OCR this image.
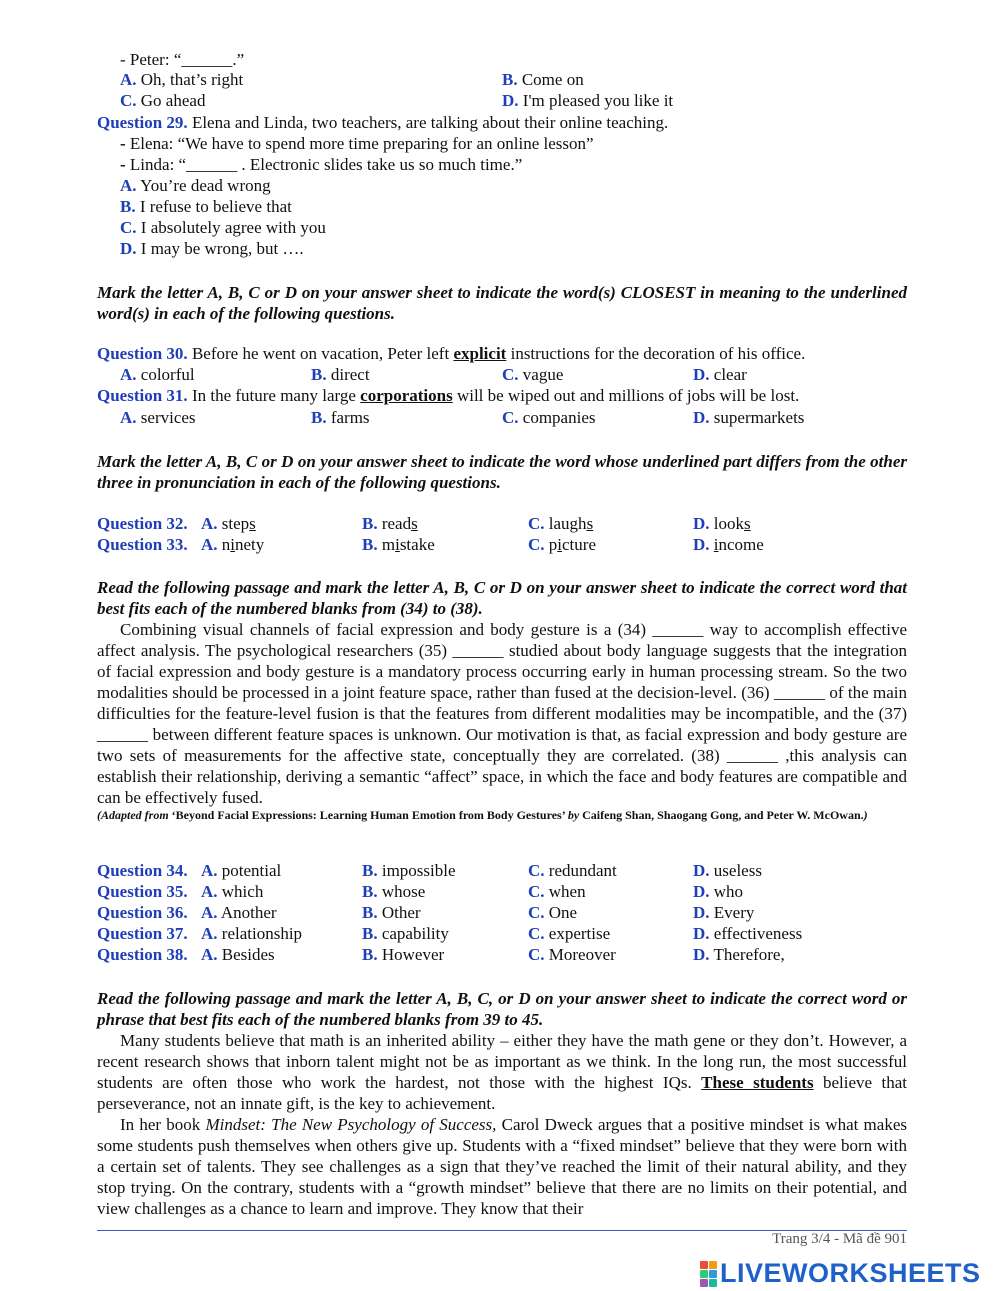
- Peter: “______.”
A. Oh, that’s right	B. Come on
C. Go ahead	D. I'm pleased you like it
Question 29. Elena and Linda, two teachers, are talking about their online teaching.
- Elena: “We have to spend more time preparing for an online lesson”
- Linda: “______ . Electronic slides take us so much time.”
A. You’re dead wrong
B. I refuse to believe that
C. I absolutely agree with you
D. I may be wrong, but ….
Mark the letter A, B, C or D on your answer sheet to indicate the word(s) CLOSEST in meaning to the underlined word(s) in each of the following questions.
Question 30. Before he went on vacation, Peter left explicit instructions for the decoration of his office.
A. colorful	B. direct	C. vague	D. clear
Question 31. In the future many large corporations will be wiped out and millions of jobs will be lost.
A. services	B. farms	C. companies	D. supermarkets
Mark the letter A, B, C or D on your answer sheet to indicate the word whose underlined part differs from the other three in pronunciation in each of the following questions.
Question 32. A. steps	B. reads	C. laughs	D. looks
Question 33. A. ninety	B. mistake	C. picture	D. income
Read the following passage and mark the letter A, B, C or D on your answer sheet to indicate the correct word that best fits each of the numbered blanks from (34) to (38).
Combining visual channels of facial expression and body gesture is a (34) ______ way to accomplish effective affect analysis. The psychological researchers (35) ______ studied about body language suggests that the integration of facial expression and body gesture is a mandatory process occurring early in human processing stream. So the two modalities should be processed in a joint feature space, rather than fused at the decision-level. (36) ______ of the main difficulties for the feature-level fusion is that the features from different modalities may be incompatible, and the (37) ______ between different feature spaces is unknown. Our motivation is that, as facial expression and body gesture are two sets of measurements for the affective state, conceptually they are correlated. (38) ______ ,this analysis can establish their relationship, deriving a semantic “affect” space, in which the face and body features are compatible and can be effectively fused.
(Adapted from ‘Beyond Facial Expressions: Learning Human Emotion from Body Gestures’ by Caifeng Shan, Shaogang Gong, and Peter W. McOwan.)
Question 34. A. potential	B. impossible	C. redundant	D. useless
Question 35. A. which	B. whose	C. when	D. who
Question 36. A. Another	B. Other	C. One	D. Every
Question 37. A. relationship	B. capability	C. expertise	D. effectiveness
Question 38. A. Besides	B. However	C. Moreover	D. Therefore,
Read the following passage and mark the letter A, B, C, or D on your answer sheet to indicate the correct word or phrase that best fits each of the numbered blanks from 39 to 45.
Many students believe that math is an inherited ability – either they have the math gene or they don’t. However, a recent research shows that inborn talent might not be as important as we think. In the long run, the most successful students are often those who work the hardest, not those with the highest IQs. These students believe that perseverance, not an innate gift, is the key to achievement.
In her book Mindset: The New Psychology of Success, Carol Dweck argues that a positive mindset is what makes some students push themselves when others give up. Students with a “fixed mindset” believe that they were born with a certain set of talents. They see challenges as a sign that they’ve reached the limit of their natural ability, and they stop trying. On the contrary, students with a “growth mindset” believe that there are no limits on their potential, and view challenges as a chance to learn and improve. They know that their
Trang 3/4 - Mã đề 901
LIVEWORKSHEETS
